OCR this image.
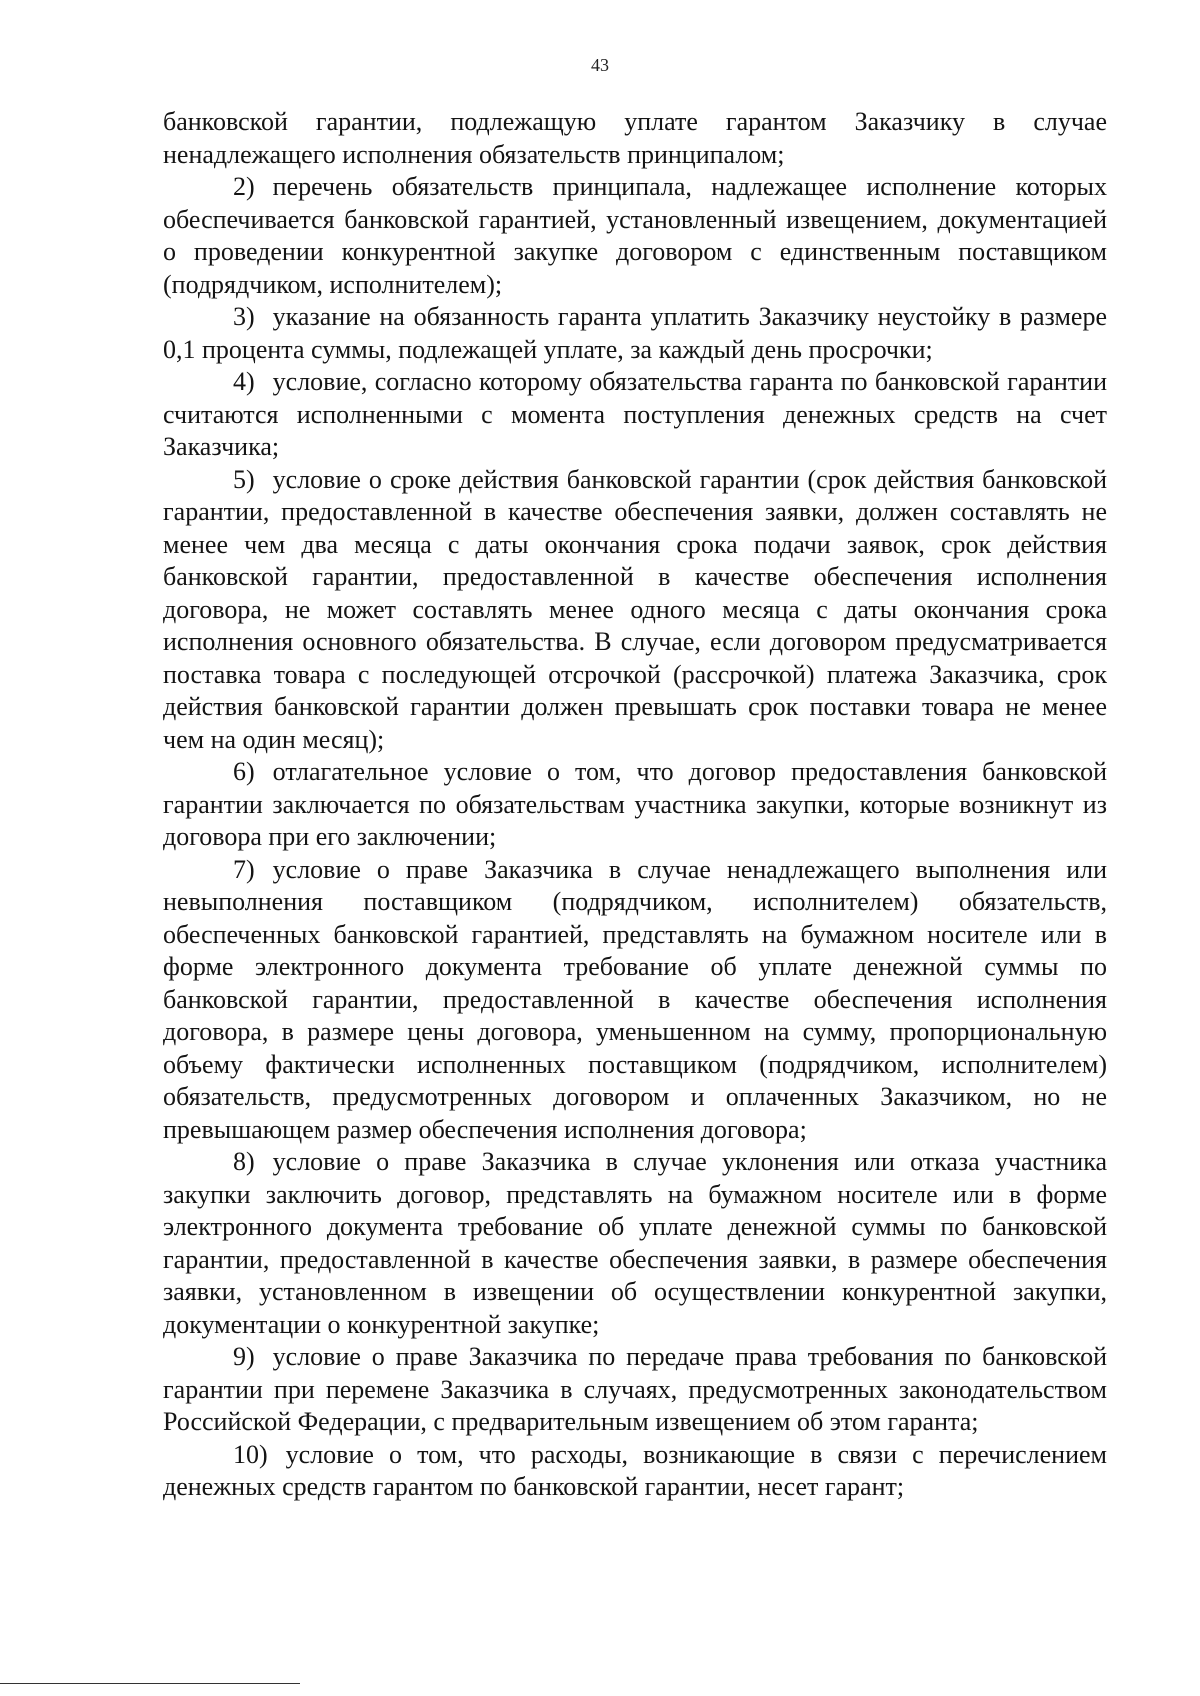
43

банковской гарантии, подлежащую уплате гарантом Заказчику в случае ненадлежащего исполнения обязательств принципалом;

2) перечень обязательств принципала, надлежащее исполнение которых обеспечивается банковской гарантией, установленный извещением, документацией о проведении конкурентной закупке договором с единственным поставщиком (подрядчиком, исполнителем);

3) указание на обязанность гаранта уплатить Заказчику неустойку в размере 0,1 процента суммы, подлежащей уплате, за каждый день просрочки;

4) условие, согласно которому обязательства гаранта по банковской гарантии считаются исполненными с момента поступления денежных средств на счет Заказчика;

5) условие о сроке действия банковской гарантии (срок действия банковской гарантии, предоставленной в качестве обеспечения заявки, должен составлять не менее чем два месяца с даты окончания срока подачи заявок, срок действия банковской гарантии, предоставленной в качестве обеспечения исполнения договора, не может составлять менее одного месяца с даты окончания срока исполнения основного обязательства. В случае, если договором предусматривается поставка товара с последующей отсрочкой (рассрочкой) платежа Заказчика, срок действия банковской гарантии должен превышать срок поставки товара не менее чем на один месяц);

6) отлагательное условие о том, что договор предоставления банковской гарантии заключается по обязательствам участника закупки, которые возникнут из договора при его заключении;

7) условие о праве Заказчика в случае ненадлежащего выполнения или невыполнения поставщиком (подрядчиком, исполнителем) обязательств, обеспеченных банковской гарантией, представлять на бумажном носителе или в форме электронного документа требование об уплате денежной суммы по банковской гарантии, предоставленной в качестве обеспечения исполнения договора, в размере цены договора, уменьшенном на сумму, пропорциональную объему фактически исполненных поставщиком (подрядчиком, исполнителем) обязательств, предусмотренных договором и оплаченных Заказчиком, но не превышающем размер обеспечения исполнения договора;

8) условие о праве Заказчика в случае уклонения или отказа участника закупки заключить договор, представлять на бумажном носителе или в форме электронного документа требование об уплате денежной суммы по банковской гарантии, предоставленной в качестве обеспечения заявки, в размере обеспечения заявки, установленном в извещении об осуществлении конкурентной закупки, документации о конкурентной закупке;

9) условие о праве Заказчика по передаче права требования по банковской гарантии при перемене Заказчика в случаях, предусмотренных законодательством Российской Федерации, с предварительным извещением об этом гаранта;

10) условие о том, что расходы, возникающие в связи с перечислением денежных средств гарантом по банковской гарантии, несет гарант;
